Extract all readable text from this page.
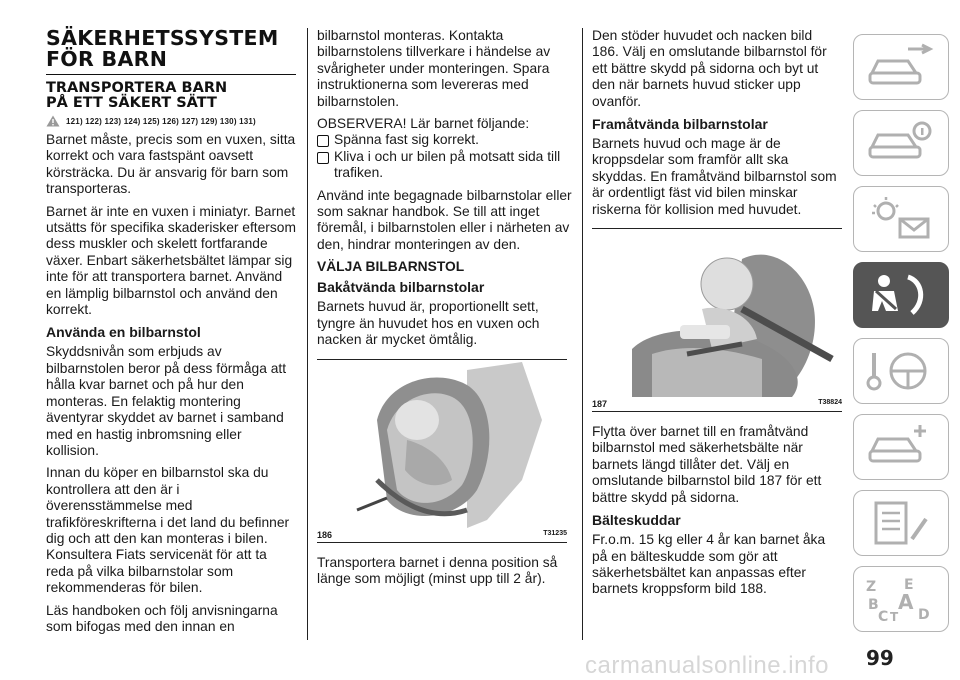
SÄKERHETSSYSTEM
FÖR BARN
TRANSPORTERA BARN
PÅ ETT SÄKERT SÄTT
121) 122) 123) 124) 125) 126) 127) 129) 130) 131)

Barnet måste, precis som en vuxen, sitta korrekt och vara fastspänt oavsett körsträcka. Du är ansvarig för barn som transporteras.

Barnet är inte en vuxen i miniatyr. Barnet utsätts för specifika skaderisker eftersom dess muskler och skelett fortfarande växer. Enbart säkerhetsbältet lämpar sig inte för att transportera barnet. Använd en lämplig bilbarnstol och använd den korrekt.

Använda en bilbarnstol

Skyddsnivån som erbjuds av bilbarnstolen beror på dess förmåga att hålla kvar barnet och på hur den monteras. En felaktig montering äventyrar skyddet av barnet i samband med en hastig inbromsning eller kollision.

Innan du köper en bilbarnstol ska du kontrollera att den är i överensstämmelse med trafikföreskrifterna i det land du befinner dig och att den kan monteras i bilen. Konsultera Fiats servicenät för att ta reda på vilka bilbarnstolar som rekommenderas för bilen.

Läs handboken och följ anvisningarna som bifogas med den innan en

bilbarnstol monteras. Kontakta bilbarnstolens tillverkare i händelse av svårigheter under monteringen. Spara instruktionerna som levereras med bilbarnstolen.

OBSERVERA! Lär barnet följande:

Spänna fast sig korrekt.
Kliva i och ur bilen på motsatt sida till trafiken.

Använd inte begagnade bilbarnstolar eller som saknar handbok. Se till att inget föremål, i bilbarnstolen eller i närheten av den, hindrar monteringen av den.

VÄLJA BILBARNSTOL
Bakåtvända bilbarnstolar

Barnets huvud är, proportionellt sett, tyngre än huvudet hos en vuxen och nacken är mycket ömtålig.

186	T31235

Transportera barnet i denna position så länge som möjligt (minst upp till 2 år).

Den stöder huvudet och nacken bild 186. Välj en omslutande bilbarnstol för ett bättre skydd på sidorna och byt ut den när barnets huvud sticker upp ovanför.

Framåtvända bilbarnstolar

Barnets huvud och mage är de kroppsdelar som framför allt ska skyddas. En framåtvänd bilbarnstol som är ordentligt fäst vid bilen minskar riskerna för kollision med huvudet.

187	T38824

Flytta över barnet till en framåtvänd bilbarnstol med säkerhetsbälte när barnets längd tillåter det. Välj en omslutande bilbarnstol bild 187 för ett bättre skydd på sidorna.

Bälteskuddar

Fr.o.m. 15 kg eller 4 år kan barnet åka på en bälteskudde som gör att säkerhetsbältet kan anpassas efter barnets kroppsform bild 188.	Z E
B A
C T D
99
carmanualsonline.info
